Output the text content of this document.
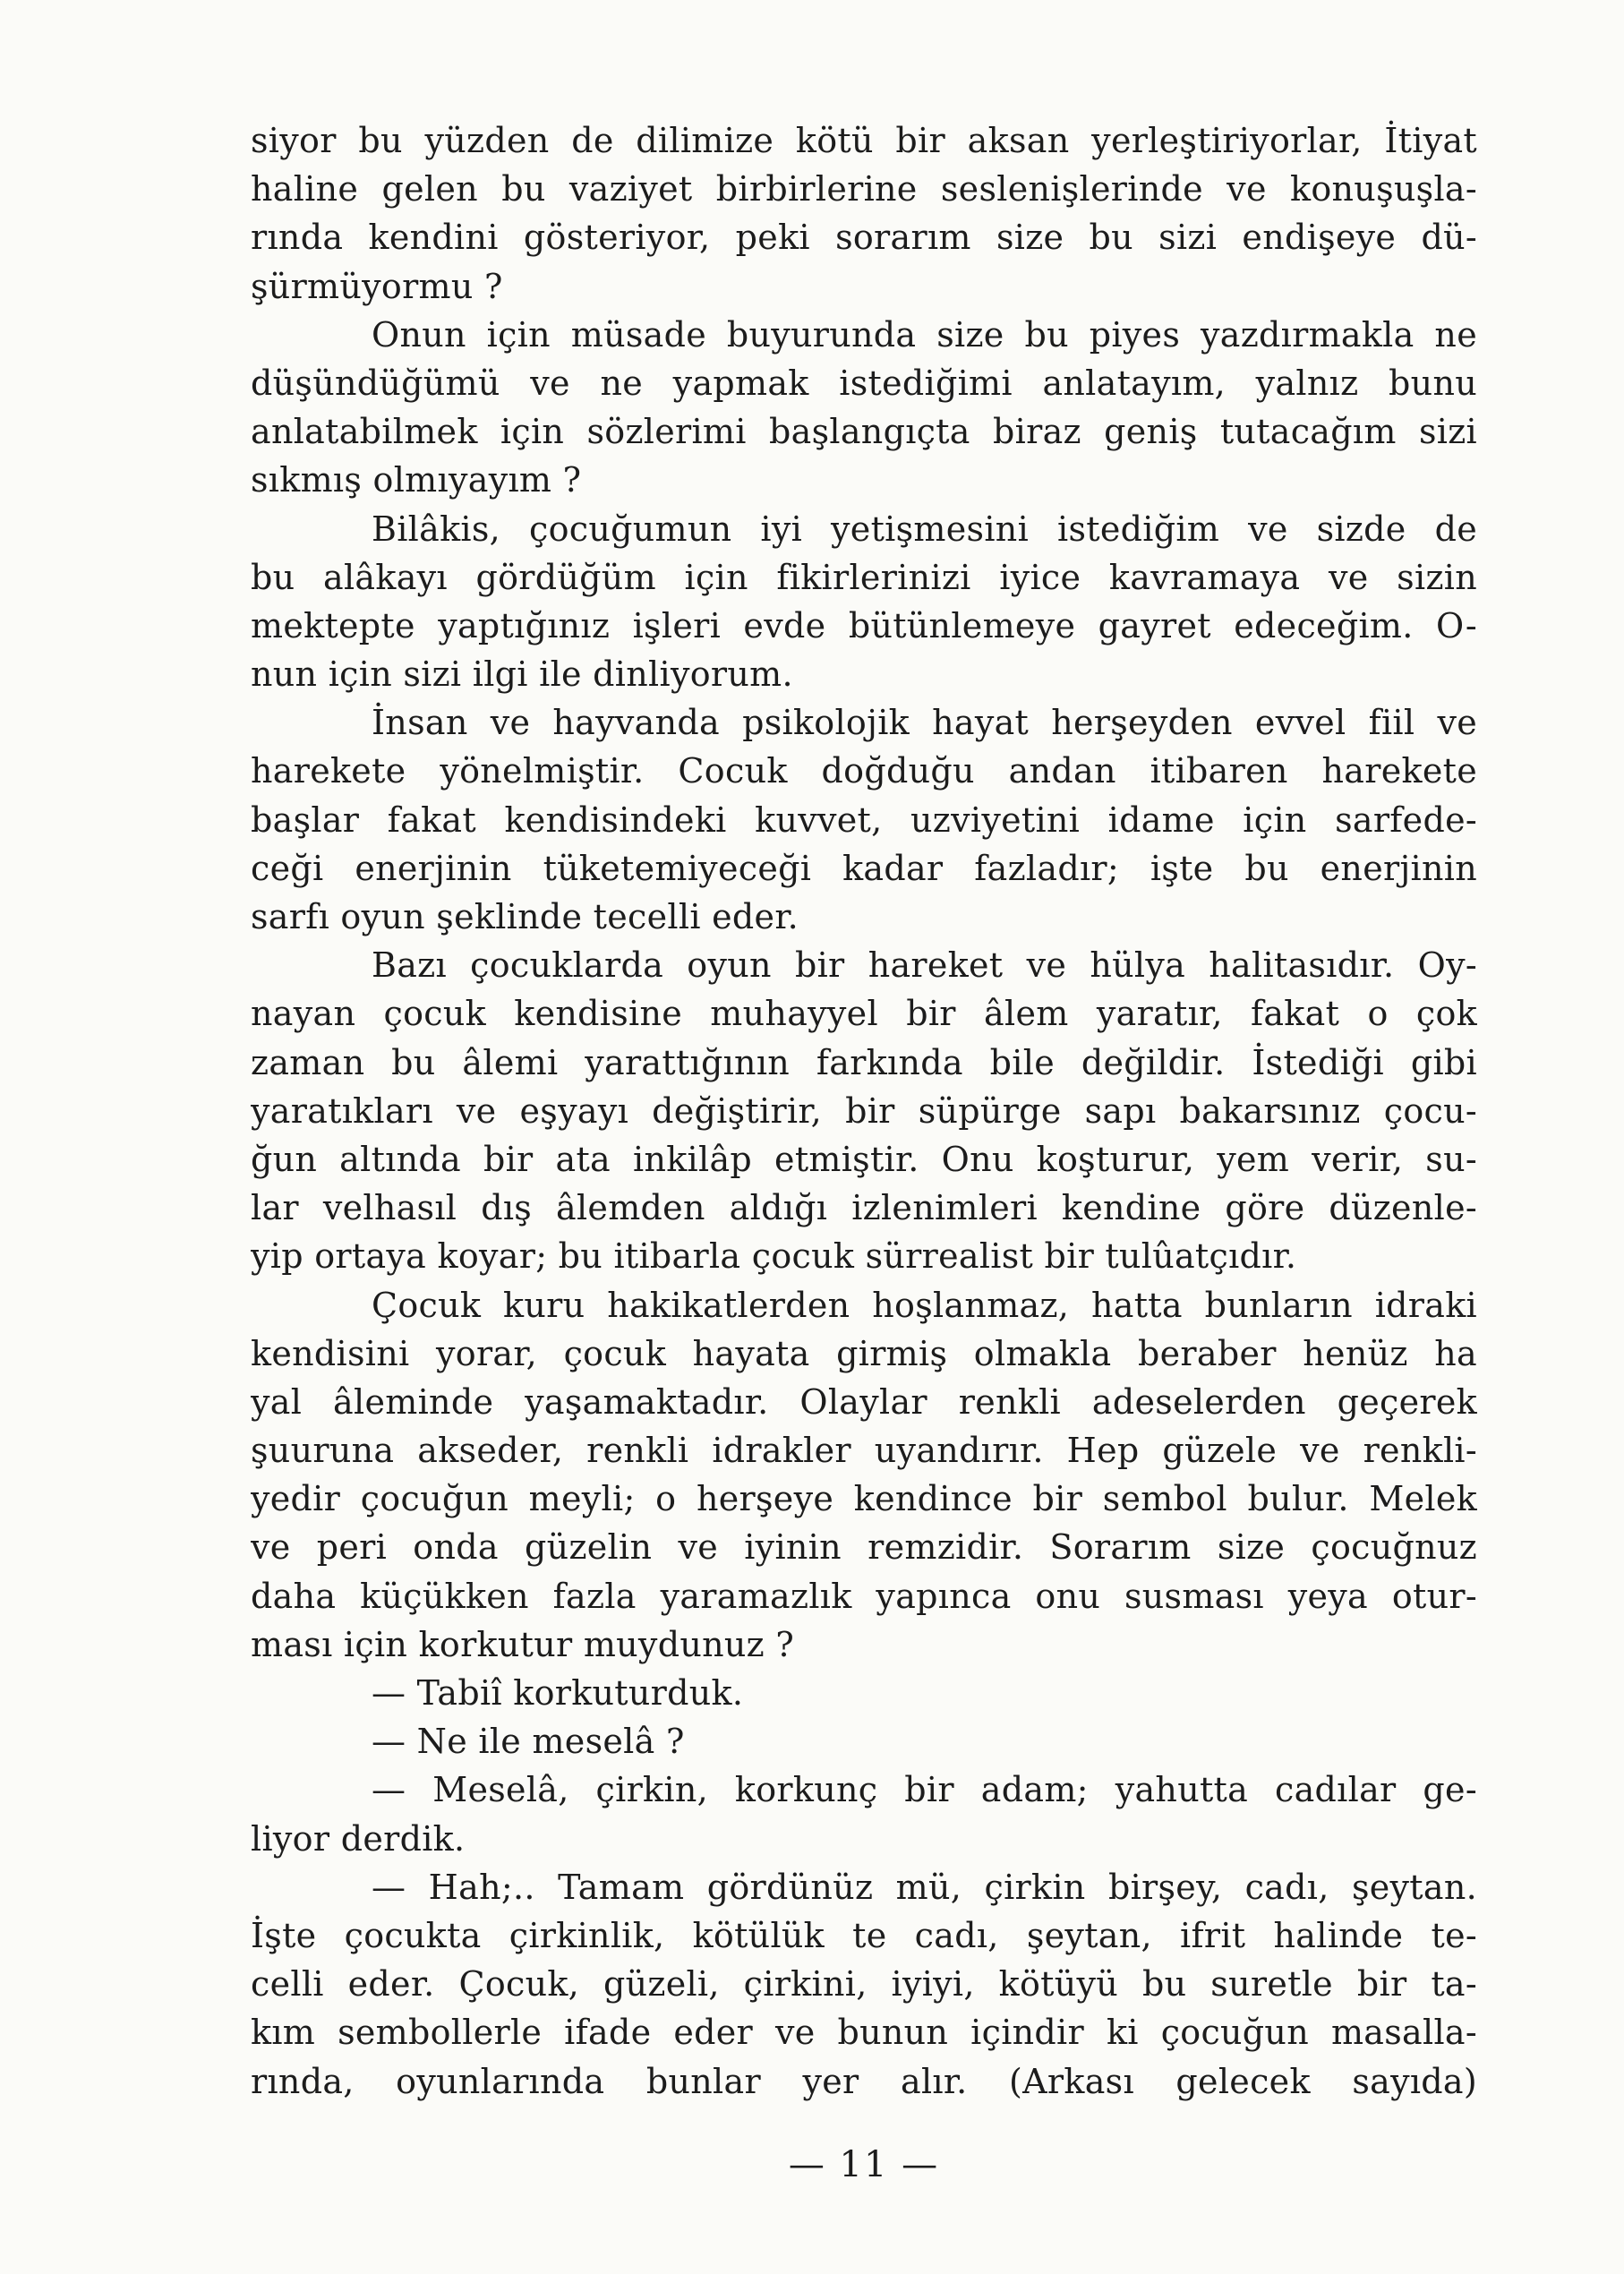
siyor bu yüzden de dilimize kötü bir aksan yerleştiriyorlar, İtiyat
haline gelen bu vaziyet birbirlerine seslenişlerinde ve konuşuşla-
rında kendini gösteriyor, peki sorarım size bu sizi endişeye dü-
şürmüyormu ?
Onun için müsade buyurunda size bu piyes yazdırmakla ne
düşündüğümü ve ne yapmak istediğimi anlatayım, yalnız bunu
anlatabilmek için sözlerimi başlangıçta biraz geniş tutacağım sizi
sıkmış olmıyayım ?
Bilâkis, çocuğumun iyi yetişmesini istediğim ve sizde de
bu alâkayı gördüğüm için fikirlerinizi iyice kavramaya ve sizin
mektepte yaptığınız işleri evde bütünlemeye gayret edeceğim. O-
nun için sizi ilgi ile dinliyorum.
İnsan ve hayvanda psikolojik hayat herşeyden evvel fiil ve
harekete yönelmiştir. Cocuk doğduğu andan itibaren harekete
başlar fakat kendisindeki kuvvet, uzviyetini idame için sarfede-
ceği enerjinin tüketemiyeceği kadar fazladır; işte bu enerjinin
sarfı oyun şeklinde tecelli eder.
Bazı çocuklarda oyun bir hareket ve hülya halitasıdır. Oy-
nayan çocuk kendisine muhayyel bir âlem yaratır, fakat o çok
zaman bu âlemi yarattığının farkında bile değildir. İstediği gibi
yaratıkları ve eşyayı değiştirir, bir süpürge sapı bakarsınız çocu-
ğun altında bir ata inkilâp etmiştir. Onu koşturur, yem verir, su-
lar velhasıl dış âlemden aldığı izlenimleri kendine göre düzenle-
yip ortaya koyar; bu itibarla çocuk sürrealist bir tulûatçıdır.
Çocuk kuru hakikatlerden hoşlanmaz, hatta bunların idraki
kendisini yorar, çocuk hayata girmiş olmakla beraber henüz ha
yal âleminde yaşamaktadır. Olaylar renkli adeselerden geçerek
şuuruna akseder, renkli idrakler uyandırır. Hep güzele ve renkli-
yedir çocuğun meyli; o herşeye kendince bir sembol bulur. Melek
ve peri onda güzelin ve iyinin remzidir. Sorarım size çocuğnuz
daha küçükken fazla yaramazlık yapınca onu susması yeya otur-
ması için korkutur muydunuz ?
— Tabiî korkuturduk.
— Ne ile meselâ ?
— Meselâ, çirkin, korkunç bir adam; yahutta cadılar ge-
liyor derdik.
— Hah;.. Tamam gördünüz mü, çirkin birşey, cadı, şeytan.
İşte çocukta çirkinlik, kötülük te cadı, şeytan, ifrit halinde te-
celli eder. Çocuk, güzeli, çirkini, iyiyi, kötüyü bu suretle bir ta-
kım sembollerle ifade eder ve bunun içindir ki çocuğun masalla-
rında, oyunlarında bunlar yer alır. (Arkası gelecek sayıda)
— 11 —
